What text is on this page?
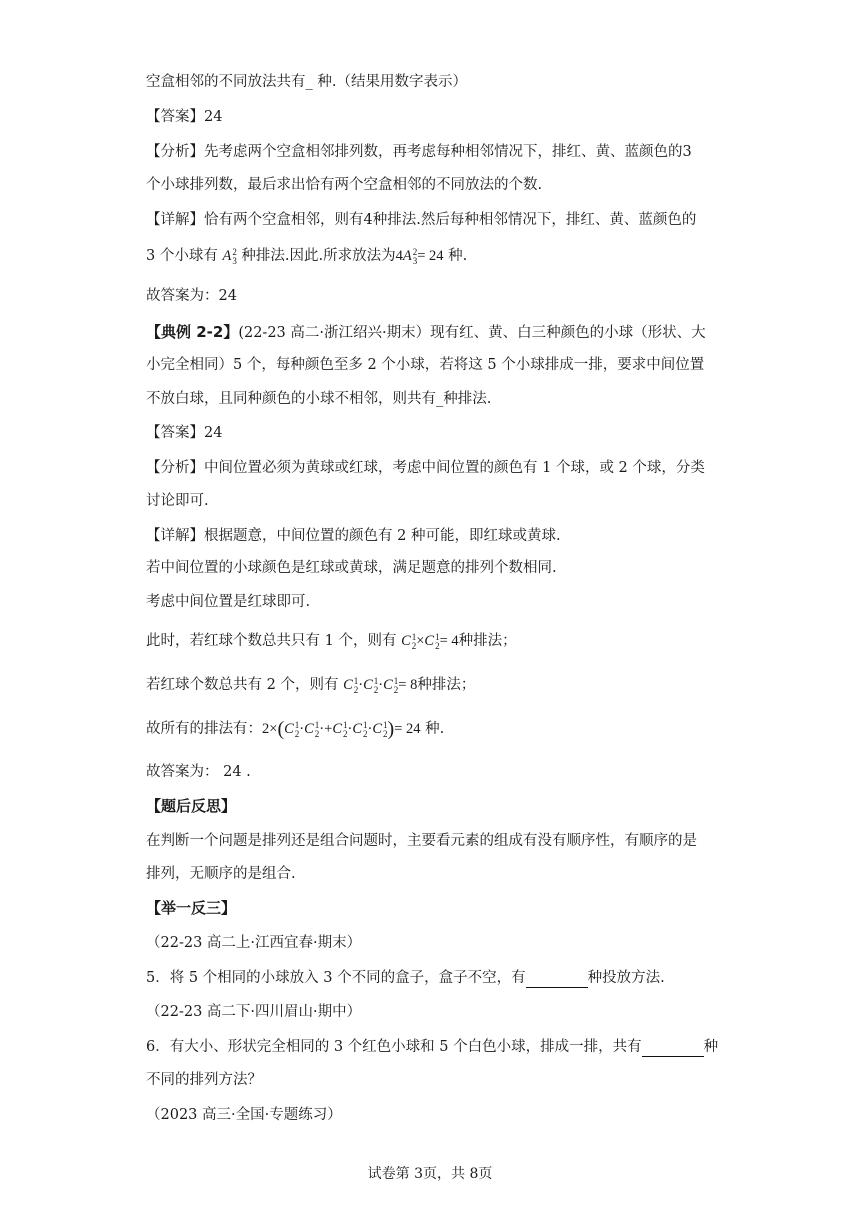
空盒相邻的不同放法共有_ 种.（结果用数字表示）
【答案】24
【分析】先考虑两个空盒相邻排列数，再考虑每种相邻情况下，排红、黄、蓝颜色的3
个小球排列数，最后求出恰有两个空盒相邻的不同放法的个数.
【详解】恰有两个空盒相邻，则有4种排法.然后每种相邻情况下，排红、黄、蓝颜色的
3 个小球有 A 2
3 种排法.因此.所求放法为4A 2
3 = 24 种.
故答案为：24
【典例 2-2】(22-23 高二·浙江绍兴·期末）现有红、黄、白三种颜色的小球（形状、大
小完全相同）5 个，每种颜色至多 2 个小球，若将这 5 个小球排成一排，要求中间位置
不放白球，且同种颜色的小球不相邻，则共有_种排法.
【答案】24
【分析】中间位置必须为黄球或红球，考虑中间位置的颜色有 1 个球，或 2 个球，分类
讨论即可.
【详解】根据题意，中间位置的颜色有 2 种可能，即红球或黄球.
若中间位置的小球颜色是红球或黄球，满足题意的排列个数相同.
考虑中间位置是红球即可.
此时，若红球个数总共只有 1 个，则有 C 1
2 ×C 1
2 = 4种排法；
若红球个数总共有 2 个，则有 C 1
2 ·C 1
2 ·C 1
2 = 8种排法；
故所有的排法有：2×(C 1
2 ·C 1
2 ·+C 1
2 ·C 1
2 ·C 1
2 )= 24 种.
故答案为： 24 .
【题后反思】
在判断一个问题是排列还是组合问题时，主要看元素的组成有没有顺序性，有顺序的是
排列，无顺序的是组合.
【举一反三】
（22-23 高二上·江西宜春·期末）
5．将 5 个相同的小球放入 3 个不同的盒子，盒子不空，有	种投放方法.
（22-23 高二下·四川眉山·期中）
6．有大小、形状完全相同的 3 个红色小球和 5 个白色小球，排成一排，共有	种
不同的排列方法？
（2023 高三·全国·专题练习）
试卷第 3页，共 8页
